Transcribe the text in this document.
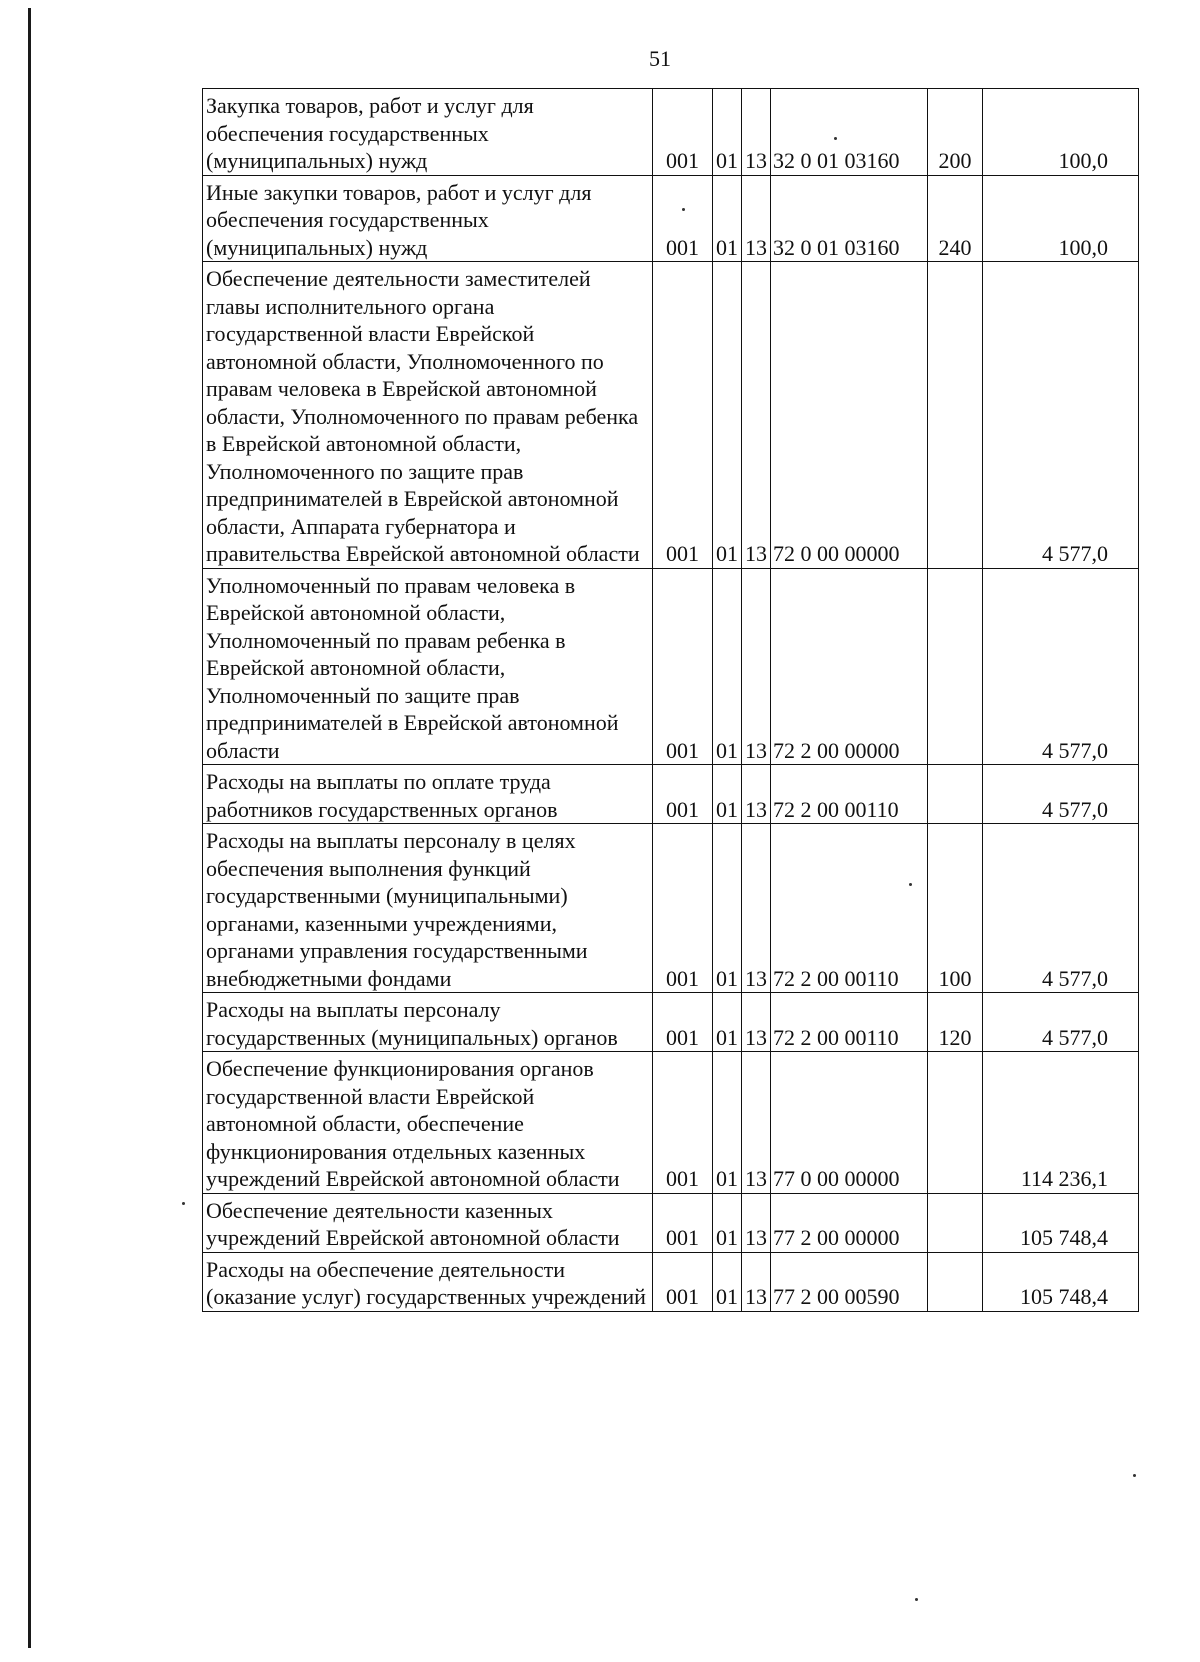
51
Закупка товаров, работ и услуг для обеспечения государственных (муниципальных) нужд	001	01	13	32 0 01 03160	200	100,0
Иные закупки товаров, работ и услуг для обеспечения государственных (муниципальных) нужд	001	01	13	32 0 01 03160	240	100,0
Обеспечение деятельности заместителей главы исполнительного органа государственной власти Еврейской автономной области, Уполномоченного по правам человека в Еврейской автономной области, Уполномоченного по правам ребенка в Еврейской автономной области, Уполномоченного по защите прав предпринимателей в Еврейской автономной области, Аппарата губернатора и правительства Еврейской автономной области	001	01	13	72 0 00 00000		4 577,0
Уполномоченный по правам человека в Еврейской автономной области, Уполномоченный по правам ребенка в Еврейской автономной области, Уполномоченный по защите прав предпринимателей в Еврейской автономной области	001	01	13	72 2 00 00000		4 577,0
Расходы на выплаты по оплате труда работников государственных органов	001	01	13	72 2 00 00110		4 577,0
Расходы на выплаты персоналу в целях обеспечения выполнения функций государственными (муниципальными) органами, казенными учреждениями, органами управления государственными внебюджетными фондами	001	01	13	72 2 00 00110	100	4 577,0
Расходы на выплаты персоналу государственных (муниципальных) органов	001	01	13	72 2 00 00110	120	4 577,0
Обеспечение функционирования органов государственной власти Еврейской автономной области, обеспечение функционирования отдельных казенных учреждений Еврейской автономной области	001	01	13	77 0 00 00000		114 236,1
Обеспечение деятельности казенных учреждений Еврейской автономной области	001	01	13	77 2 00 00000		105 748,4
Расходы на обеспечение деятельности (оказание услуг) государственных учреждений	001	01	13	77 2 00 00590		105 748,4
